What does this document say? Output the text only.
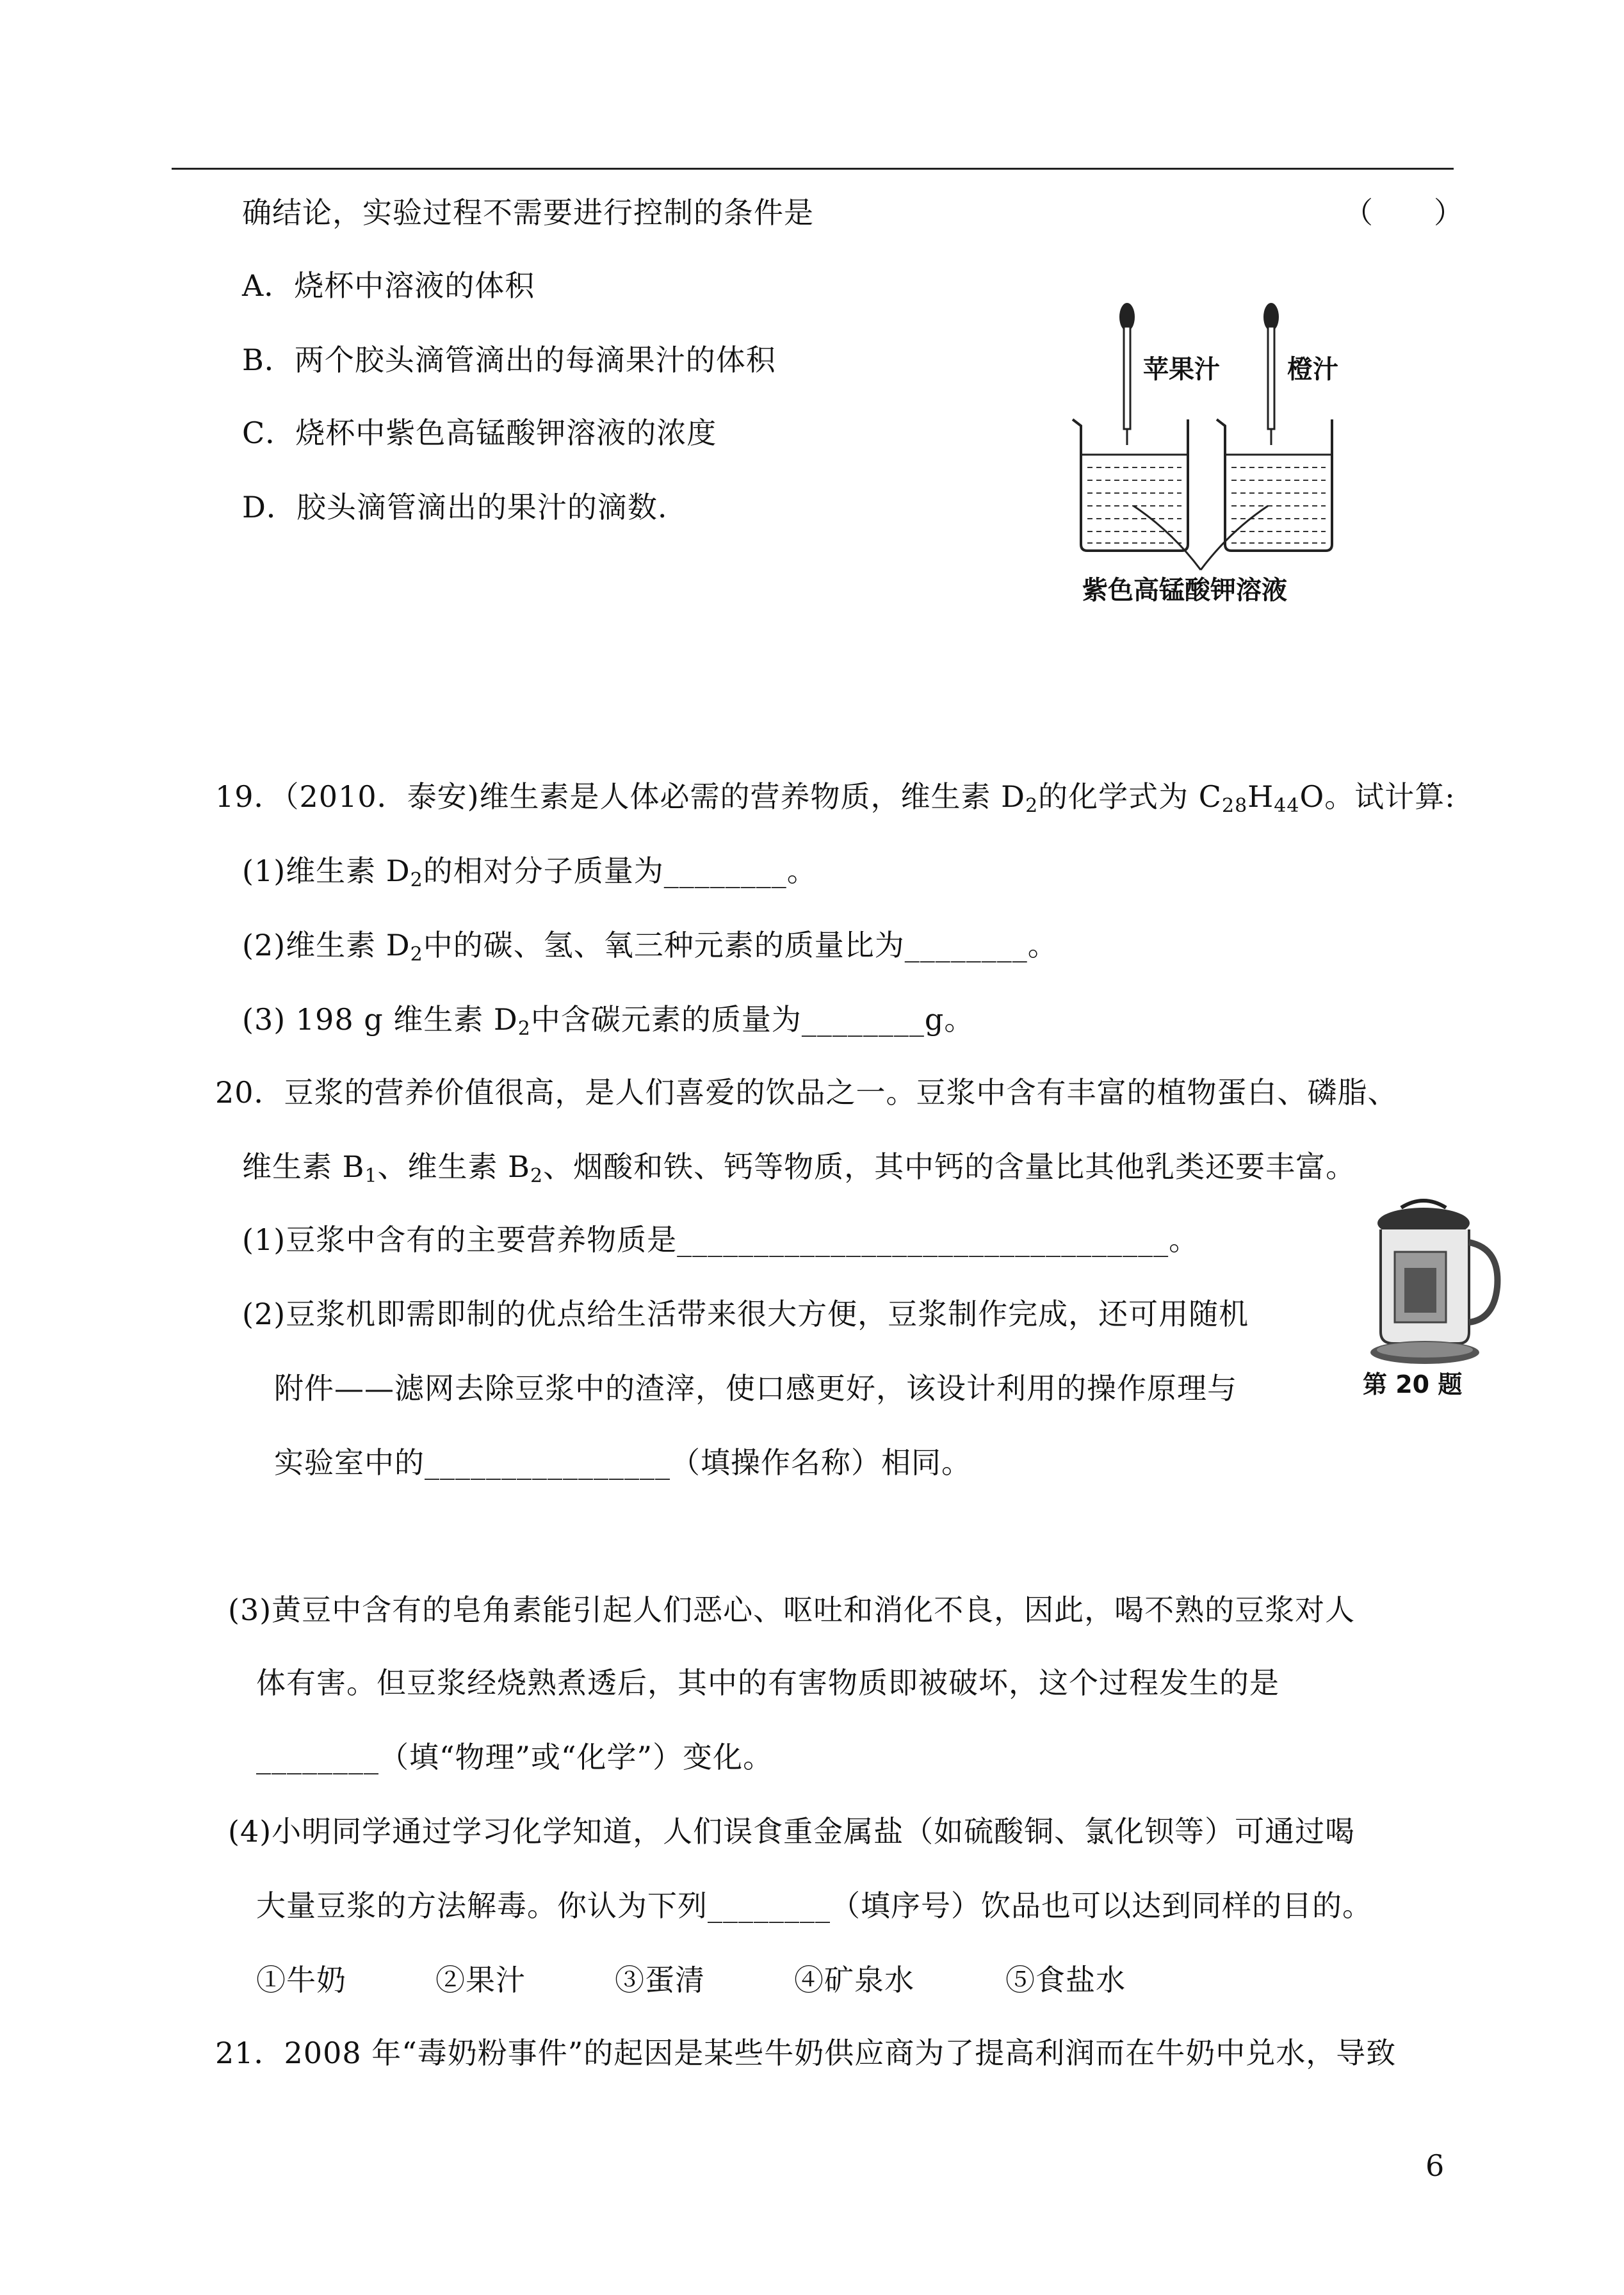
确结论，实验过程不需要进行控制的条件是	（　　）
A．烧杯中溶液的体积
B．两个胶头滴管滴出的每滴果汁的体积
C．烧杯中紫色高锰酸钾溶液的浓度
D．胶头滴管滴出的果汁的滴数.
苹果汁	橙汁
紫色高锰酸钾溶液
19．（2010．泰安)维生素是人体必需的营养物质，维生素 $D_2$的化学式为 $C_{28}H_{44}O$。试计算:
(1)维生素 $D_2$的相对分子质量为________。
(2)维生素 $D_2$中的碳、氢、氧三种元素的质量比为________。
(3) 198 g 维生素 $D_2$中含碳元素的质量为________g。
20．豆浆的营养价值很高，是人们喜爱的饮品之一。豆浆中含有丰富的植物蛋白、磷脂、
维生素 $B_1$、维生素 $B_2$、烟酸和铁、钙等物质，其中钙的含量比其他乳类还要丰富。
(1)豆浆中含有的主要营养物质是________________________________。
(2)豆浆机即需即制的优点给生活带来很大方便，豆浆制作完成，还可用随机
附件——滤网去除豆浆中的渣滓，使口感更好，该设计利用的操作原理与
实验室中的________________（填操作名称）相同。
第 20 题
(3)黄豆中含有的皂角素能引起人们恶心、呕吐和消化不良，因此，喝不熟的豆浆对人
体有害。但豆浆经烧熟煮透后，其中的有害物质即被破坏，这个过程发生的是
________（填“物理”或“化学”）变化。
(4)小明同学通过学习化学知道，人们误食重金属盐（如硫酸铜、氯化钡等）可通过喝
大量豆浆的方法解毒。你认为下列________（填序号）饮品也可以达到同样的目的。
①牛奶	②果汁	③蛋清	④矿泉水	⑤食盐水
21．2008 年“毒奶粉事件”的起因是某些牛奶供应商为了提高利润而在牛奶中兑水，导致
6
